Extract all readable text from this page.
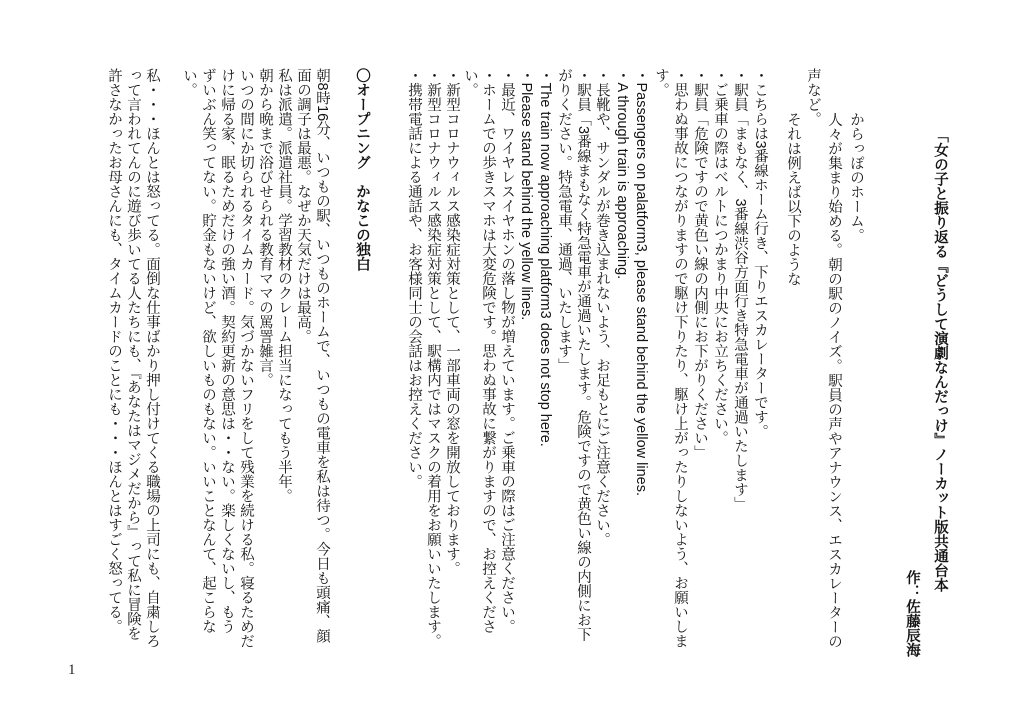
「女の子と振り返る『どうして演劇なんだっけ』ノーカット版共通台本
作：佐藤辰海
からっぽのホーム。
人々が集まり始める。朝の駅のノイズ。駅員の声やアナウンス、エスカレーターの
声など。
それは例えば以下のような
・こちらは3番線ホーム行き、下りエスカレーターです。
・駅員「まもなく、3番線渋谷方面行き特急電車が通過いたします」
・ご乗車の際はベルトにつかまり中央にお立ちください。
・駅員「危険ですので黄色い線の内側にお下がりください」
・思わぬ事故につながりますので駆け下りたり、駆け上がったりしないよう、お願いしま
す。
・Passengers on palatform3, please stand behind the yellow lines.
・A through train is approaching.
・長靴や、サンダルが巻き込まれないよう、お足もとにご注意ください。
・駅員「3番線まもなく特急電車が通過いたします。危険ですので黄色い線の内側にお下
がりください。特急電車、通過、いたします」
・The train now approaching platform3 does not stop here.
・Please stand behind the yellow lines.
・最近、ワイヤレスイヤホンの落し物が増えています。ご乗車の際はご注意ください。
・ホームでの歩きスマホは大変危険です。思わぬ事故に繋がりますので、お控えくださ
い。
・新型コロナウィルス感染症対策として、一部車両の窓を開放しております。
・新型コロナウィルス感染症対策として、駅構内ではマスクの着用をお願いいたします。
・携帯電話による通話や、お客様同士の会話はお控えください。
〇オープニング　かなこの独白
朝8時16分、いつもの駅、いつものホームで、いつもの電車を私は待つ。今日も頭痛、顔
面の調子は最悪。なぜか天気だけは最高。
私は派遣。派遣社員。学習教材のクレーム担当になってもう半年。
朝から晩まで浴びせられる教育ママの罵詈雑言。
いつの間にか切られるタイムカード。気づかないフリをして残業を続ける私。寝るためだ
けに帰る家、眠るためだけの強い酒。契約更新の意思は・・ない。楽しくないし、もう
ずいぶん笑ってない。貯金もないけど、欲しいものもない。いいことなんて、起こらな
い。
私・・・ほんとは怒ってる。面倒な仕事ばかり押し付けてくる職場の上司にも、自粛しろ
って言われてんのに遊び歩いてる人たちにも、『あなたはマジメだから』って私に冒険を
許さなかったお母さんにも、タイムカードのことにも・・・ほんとはすごく怒ってる。
1
